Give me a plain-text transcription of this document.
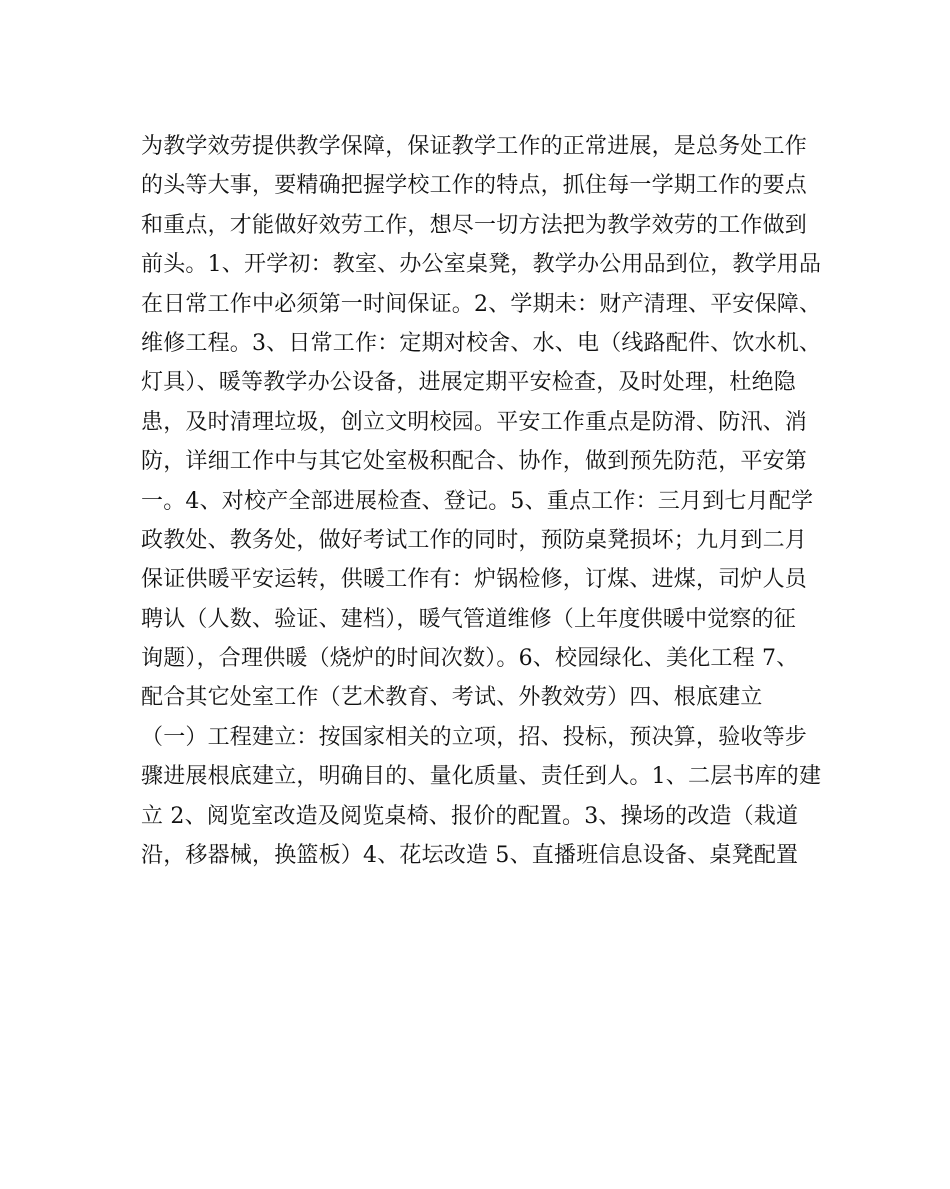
为教学效劳提供教学保障，保证教学工作的正常进展，是总务处工作
的头等大事，要精确把握学校工作的特点，抓住每一学期工作的要点
和重点，才能做好效劳工作，想尽一切方法把为教学效劳的工作做到
前头。1、开学初：教室、办公室桌凳，教学办公用品到位，教学用品
在日常工作中必须第一时间保证。2、学期未：财产清理、平安保障、
维修工程。3、日常工作：定期对校舍、水、电（线路配件、饮水机、
灯具）、暖等教学办公设备，进展定期平安检查，及时处理，杜绝隐
患，及时清理垃圾，创立文明校园。平安工作重点是防滑、防汛、消
防，详细工作中与其它处室极积配合、协作，做到预先防范，平安第
一。4、对校产全部进展检查、登记。5、重点工作：三月到七月配学
政教处、教务处，做好考试工作的同时，预防桌凳损坏；九月到二月
保证供暖平安运转，供暖工作有：炉锅检修，订煤、进煤，司炉人员
聘认（人数、验证、建档），暖气管道维修（上年度供暖中觉察的征
询题），合理供暖（烧炉的时间次数）。6、校园绿化、美化工程 7、
配合其它处室工作（艺术教育、考试、外教效劳）四、根底建立
（一）工程建立：按国家相关的立项，招、投标，预决算，验收等步
骤进展根底建立，明确目的、量化质量、责任到人。1、二层书库的建
立 2、阅览室改造及阅览桌椅、报价的配置。3、操场的改造（栽道
沿，移器械，换篮板）4、花坛改造 5、直播班信息设备、桌凳配置
